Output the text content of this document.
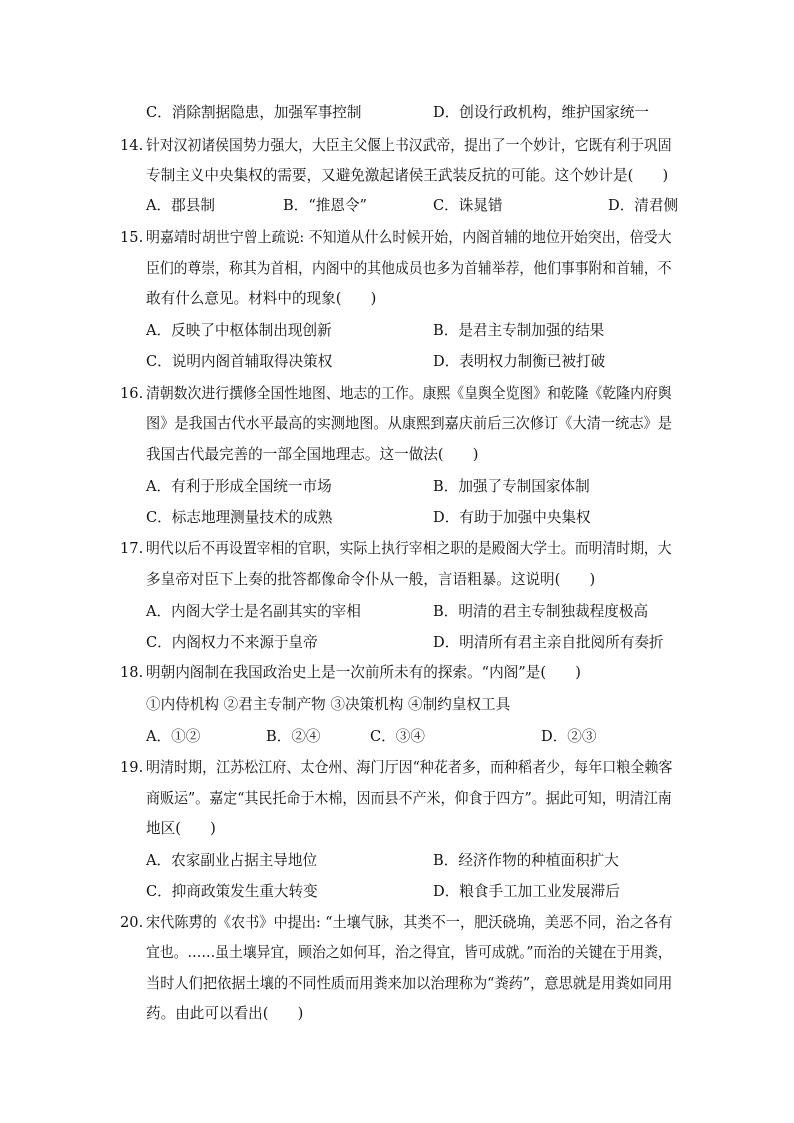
C．消除割据隐患，加强军事控制	D．创设行政机构，维护国家统一
14. 针对汉初诸侯国势力强大，大臣主父偃上书汉武帝，提出了一个妙计，它既有利于巩固
专制主义中央集权的需要，又避免激起诸侯王武装反抗的可能。这个妙计是(　　)
A．郡县制	B．“推恩令”	C．诛晁错	D．清君侧
15. 明嘉靖时胡世宁曾上疏说: 不知道从什么时候开始，内阁首辅的地位开始突出，倍受大
臣们的尊崇，称其为首相，内阁中的其他成员也多为首辅举荐，他们事事附和首辅，不
敢有什么意见。材料中的现象(　　)
A．反映了中枢体制出现创新	B．是君主专制加强的结果
C．说明内阁首辅取得决策权	D．表明权力制衡已被打破
16. 清朝数次进行撰修全国性地图、地志的工作。康熙《皇舆全览图》和乾隆《乾隆内府舆
图》是我国古代水平最高的实测地图。从康熙到嘉庆前后三次修订《大清一统志》是
我国古代最完善的一部全国地理志。这一做法(　　)
A．有利于形成全国统一市场	B．加强了专制国家体制
C．标志地理测量技术的成熟	D．有助于加强中央集权
17. 明代以后不再设置宰相的官职，实际上执行宰相之职的是殿阁大学士。而明清时期，大
多皇帝对臣下上奏的批答都像命令仆从一般，言语粗暴。这说明(　　)
A．内阁大学士是名副其实的宰相	B．明清的君主专制独裁程度极高
C．内阁权力不来源于皇帝	D．明清所有君主亲自批阅所有奏折
18. 明朝内阁制在我国政治史上是一次前所未有的探索。“内阁”是(　　)
①内侍机构 ②君主专制产物 ③决策机构 ④制约皇权工具
A．①②	B．②④	C．③④	D．②③
19. 明清时期，江苏松江府、太仓州、海门厅因“种花者多，而种稻者少，每年口粮全赖客
商贩运”。嘉定“其民托命于木棉，因而县不产米，仰食于四方”。据此可知，明清江南
地区(　　)
A．农家副业占据主导地位	B．经济作物的种植面积扩大
C．抑商政策发生重大转变	D．粮食手工加工业发展滞后
20. 宋代陈旉的《农书》中提出: “土壤气脉，其类不一，肥沃硗埆，美恶不同，治之各有
宜也。……虽土壤异宜，顾治之如何耳，治之得宜，皆可成就。”而治的关键在于用粪，
当时人们把依据土壤的不同性质而用粪来加以治理称为“粪药”，意思就是用粪如同用
药。由此可以看出(　　)
